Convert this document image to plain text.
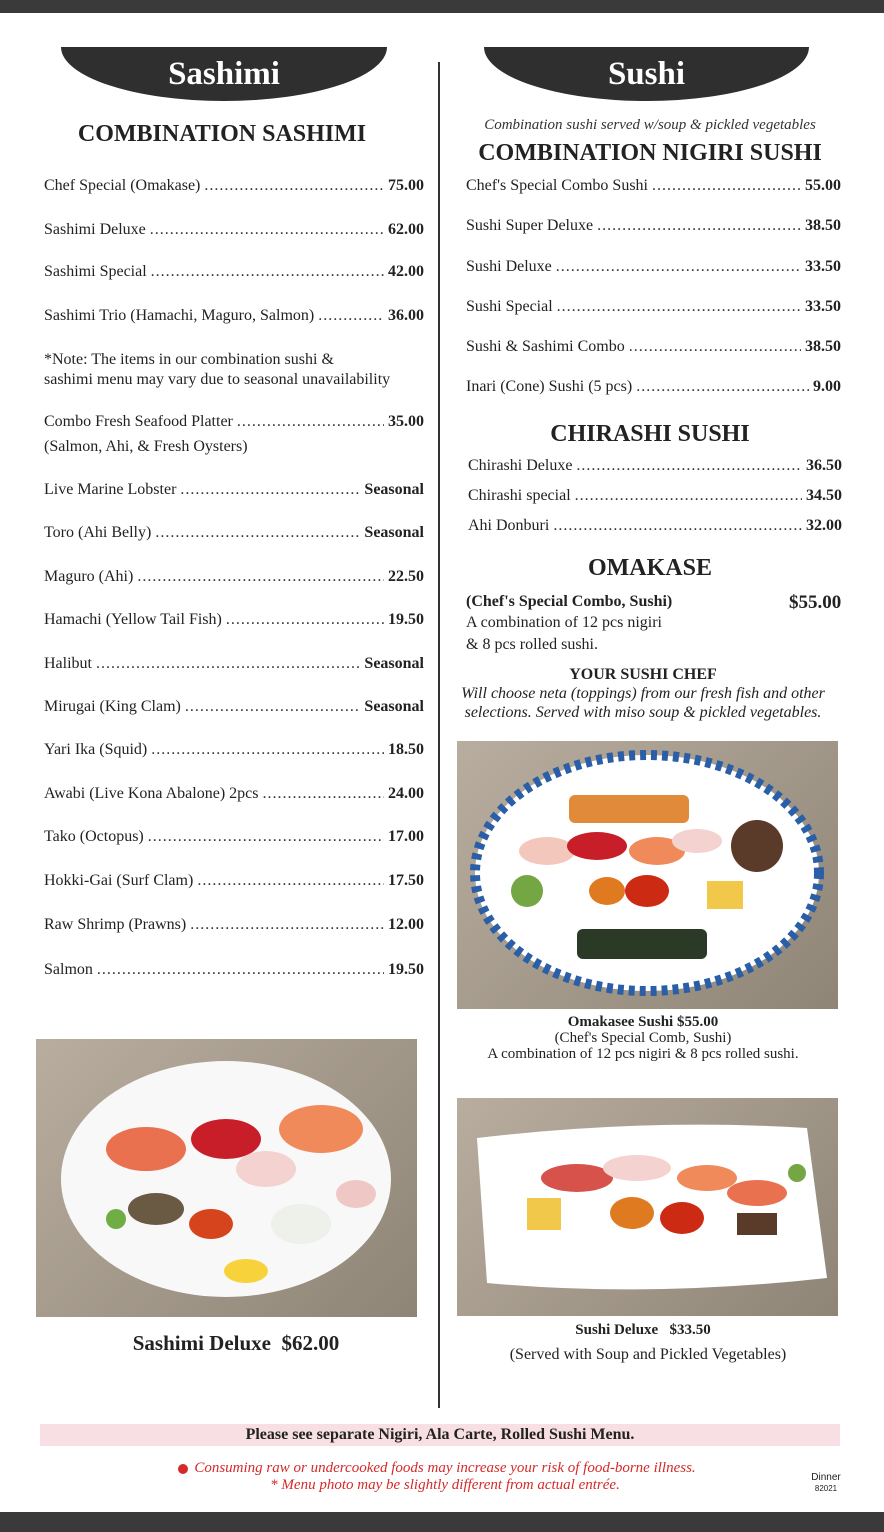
Sashimi
COMBINATION SASHIMI
Chef Special (Omakase) .....	75.00
Sashimi Deluxe .....	62.00
Sashimi Special .....	42.00
Sashimi Trio (Hamachi, Maguro, Salmon) .....	36.00
*Note: The items in our combination sushi &
sashimi menu may vary due to seasonal unavailability
Combo Fresh Seafood Platter .....	35.00
(Salmon, Ahi, & Fresh Oysters)
Live Marine Lobster .....	Seasonal
Toro (Ahi Belly) .....	Seasonal
Maguro (Ahi) .....	22.50
Hamachi (Yellow Tail Fish) .....	19.50
Halibut .....	Seasonal
Mirugai (King Clam) .....	Seasonal
Yari Ika (Squid) .....	18.50
Awabi (Live Kona Abalone) 2pcs .....	24.00
Tako (Octopus) .....	17.00
Hokki-Gai (Surf Clam) .....	17.50
Raw Shrimp (Prawns) .....	12.00
Salmon .....	19.50
Sashimi Deluxe $62.00
Sushi
Combination sushi served w/soup & pickled vegetables
COMBINATION NIGIRI SUSHI
Chef's Special Combo Sushi .....	55.00
Sushi Super Deluxe .....	38.50
Sushi Deluxe .....	33.50
Sushi Special .....	33.50
Sushi & Sashimi Combo .....	38.50
Inari (Cone) Sushi (5 pcs) .....	9.00
CHIRASHI SUSHI
Chirashi Deluxe .....	36.50
Chirashi special .....	34.50
Ahi Donburi .....	32.00
OMAKASE
(Chef's Special Combo, Sushi)	$55.00
A combination of 12 pcs nigiri
& 8 pcs rolled sushi.
YOUR SUSHI CHEF
Will choose neta (toppings) from our fresh fish and other
selections. Served with miso soup & pickled vegetables.
Omakasee Sushi $55.00
(Chef's Special Comb, Sushi)
A combination of 12 pcs nigiri & 8 pcs rolled sushi.
Sushi Deluxe $33.50
(Served with Soup and Pickled Vegetables)
Please see separate Nigiri, Ala Carte, Rolled Sushi Menu.
Consuming raw or undercooked foods may increase your risk of food-borne illness.
* Menu photo may be slightly different from actual entrée.	Dinner
82021
